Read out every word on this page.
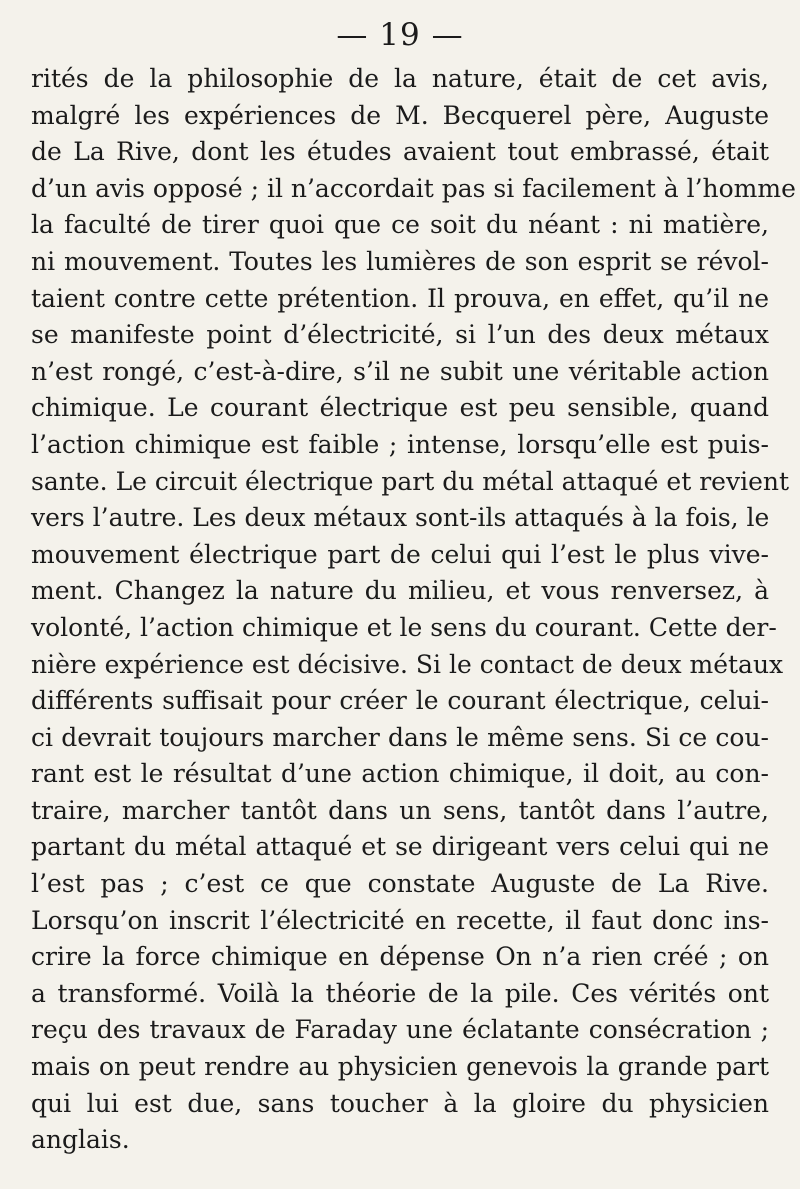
— 19 —
rités de la philosophie de la nature, était de cet avis,
malgré les expériences de M. Becquerel père, Auguste
de La Rive, dont les études avaient tout embrassé, était
d’un avis opposé ; il n’accordait pas si facilement à l’homme
la faculté de tirer quoi que ce soit du néant : ni matière,
ni mouvement. Toutes les lumières de son esprit se révol-
taient contre cette prétention. Il prouva, en effet, qu’il ne
se manifeste point d’électricité, si l’un des deux métaux
n’est rongé, c’est-à-dire, s’il ne subit une véritable action
chimique. Le courant électrique est peu sensible, quand
l’action chimique est faible ; intense, lorsqu’elle est puis-
sante. Le circuit électrique part du métal attaqué et revient
vers l’autre. Les deux métaux sont-ils attaqués à la fois, le
mouvement électrique part de celui qui l’est le plus vive-
ment. Changez la nature du milieu, et vous renversez, à
volonté, l’action chimique et le sens du courant. Cette der-
nière expérience est décisive. Si le contact de deux métaux
différents suffisait pour créer le courant électrique, celui-
ci devrait toujours marcher dans le même sens. Si ce cou-
rant est le résultat d’une action chimique, il doit, au con-
traire, marcher tantôt dans un sens, tantôt dans l’autre,
partant du métal attaqué et se dirigeant vers celui qui ne
l’est pas ; c’est ce que constate Auguste de La Rive.
Lorsqu’on inscrit l’électricité en recette, il faut donc ins-
crire la force chimique en dépense On n’a rien créé ; on
a transformé. Voilà la théorie de la pile. Ces vérités ont
reçu des travaux de Faraday une éclatante consécration ;
mais on peut rendre au physicien genevois la grande part
qui lui est due, sans toucher à la gloire du physicien
anglais.
